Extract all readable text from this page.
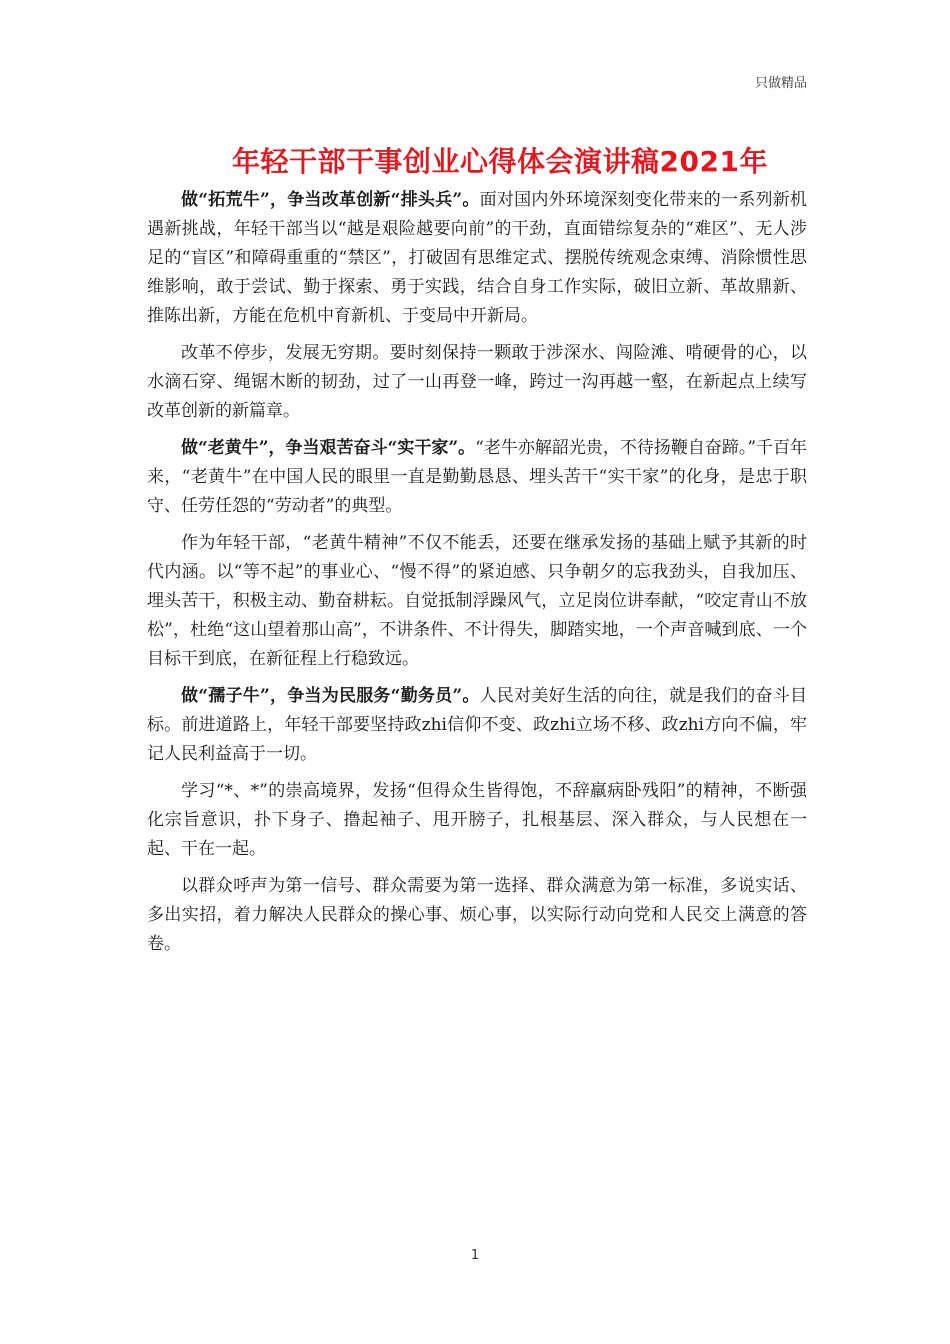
只做精品
年轻干部干事创业心得体会演讲稿2021年

做“拓荒牛”，争当改革创新“排头兵”。面对国内外环境深刻变化带来的一系列新机遇新挑战，年轻干部当以“越是艰险越要向前”的干劲，直面错综复杂的“难区”、无人涉足的“盲区”和障碍重重的“禁区”，打破固有思维定式、摆脱传统观念束缚、消除惯性思维影响，敢于尝试、勤于探索、勇于实践，结合自身工作实际，破旧立新、革故鼎新、推陈出新，方能在危机中育新机、于变局中开新局。

改革不停步，发展无穷期。要时刻保持一颗敢于涉深水、闯险滩、啃硬骨的心，以水滴石穿、绳锯木断的韧劲，过了一山再登一峰，跨过一沟再越一壑，在新起点上续写改革创新的新篇章。

做“老黄牛”，争当艰苦奋斗“实干家”。“老牛亦解韶光贵，不待扬鞭自奋蹄。”千百年来，“老黄牛”在中国人民的眼里一直是勤勤恳恳、埋头苦干“实干家”的化身，是忠于职守、任劳任怨的“劳动者”的典型。

作为年轻干部，“老黄牛精神”不仅不能丢，还要在继承发扬的基础上赋予其新的时代内涵。以“等不起”的事业心、“慢不得”的紧迫感、只争朝夕的忘我劲头，自我加压、埋头苦干，积极主动、勤奋耕耘。自觉抵制浮躁风气，立足岗位讲奉献，“咬定青山不放松”，杜绝“这山望着那山高”，不讲条件、不计得失，脚踏实地，一个声音喊到底、一个目标干到底，在新征程上行稳致远。

做“孺子牛”，争当为民服务“勤务员”。人民对美好生活的向往，就是我们的奋斗目标。前进道路上，年轻干部要坚持政zhi信仰不变、政zhi立场不移、政zhi方向不偏，牢记人民利益高于一切。

学习“*、*”的崇高境界，发扬“但得众生皆得饱，不辞羸病卧残阳”的精神，不断强化宗旨意识，扑下身子、撸起袖子、甩开膀子，扎根基层、深入群众，与人民想在一起、干在一起。

以群众呼声为第一信号、群众需要为第一选择、群众满意为第一标准，多说实话、多出实招，着力解决人民群众的操心事、烦心事，以实际行动向党和人民交上满意的答卷。

1
